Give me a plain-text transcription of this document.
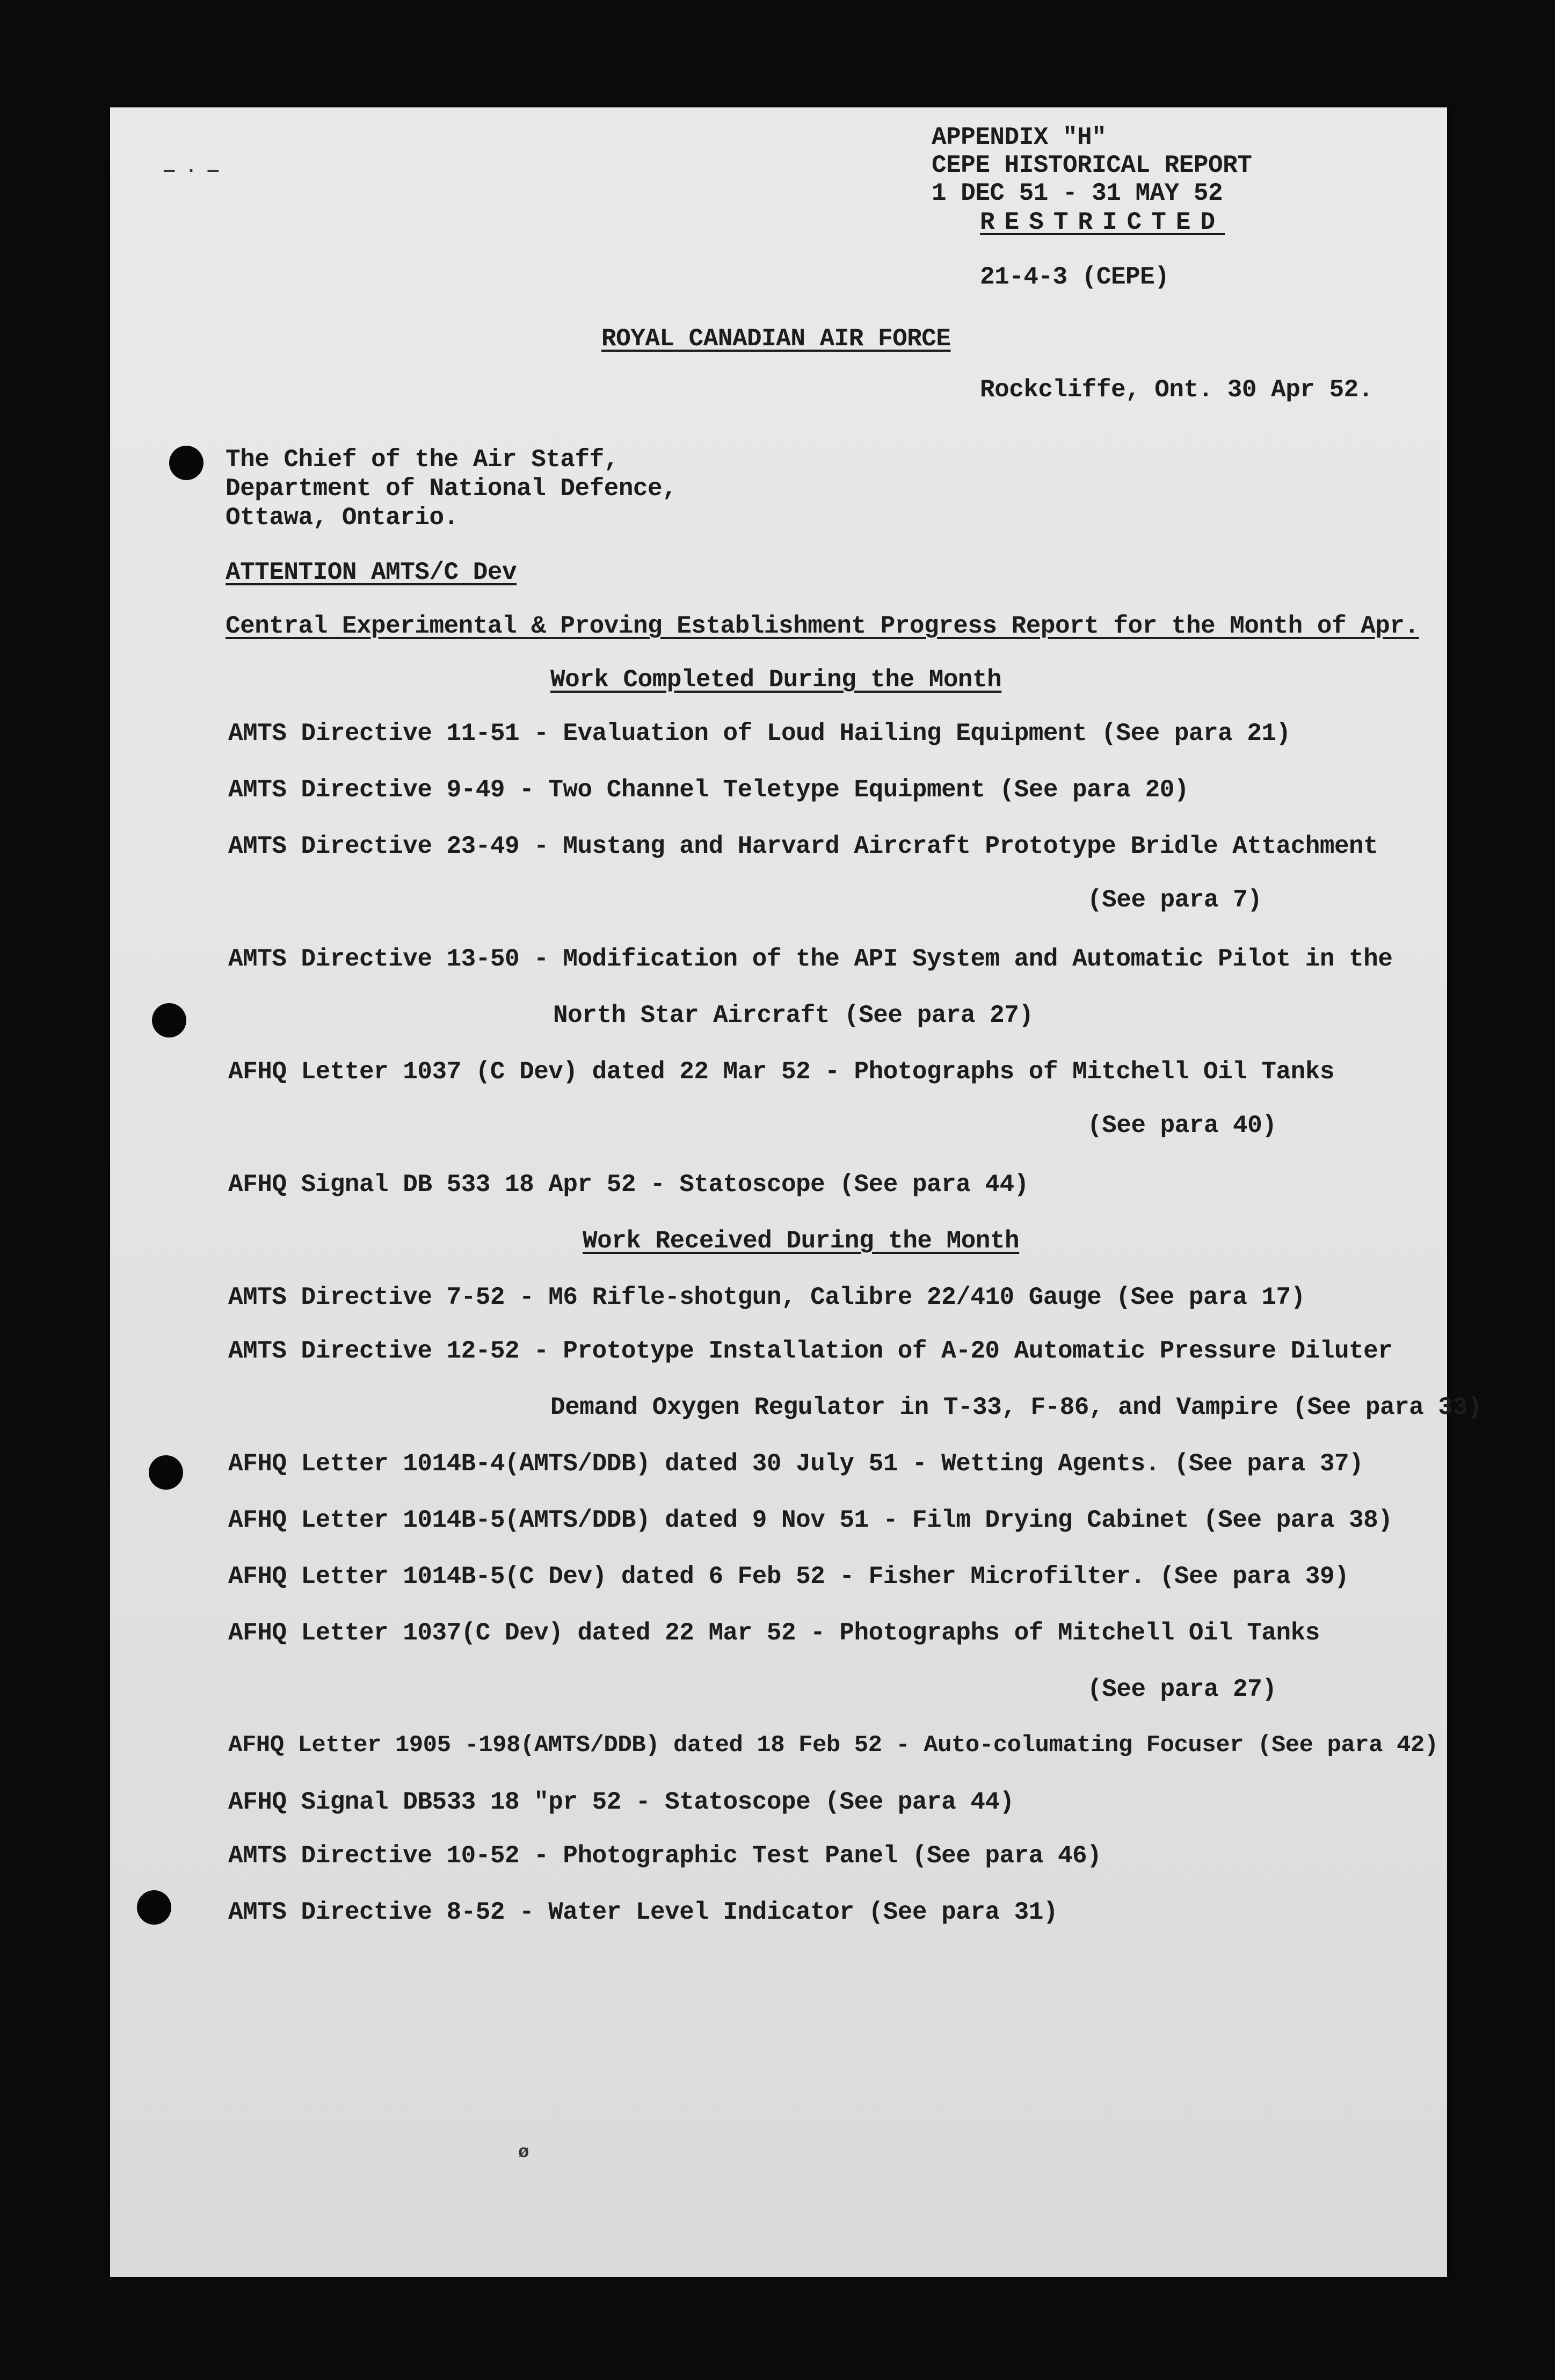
— · —
APPENDIX "H"
CEPE HISTORICAL REPORT
1 DEC 51 - 31 MAY 52
RESTRICTED
21-4-3 (CEPE)
ROYAL CANADIAN AIR FORCE
Rockcliffe, Ont. 30 Apr 52.
The Chief of the Air Staff,
Department of National Defence,
Ottawa, Ontario.
ATTENTION AMTS/C Dev
Central Experimental & Proving Establishment Progress Report for the Month of Apr.
Work Completed During the Month
AMTS Directive 11-51 - Evaluation of Loud Hailing Equipment (See para 21)
AMTS Directive 9-49 - Two Channel Teletype Equipment (See para 20)
AMTS Directive 23-49 - Mustang and Harvard Aircraft Prototype Bridle Attachment
(See para 7)
AMTS Directive 13-50 - Modification of the API System and Automatic Pilot in the
North Star Aircraft (See para 27)
AFHQ Letter 1037 (C Dev) dated 22 Mar 52 - Photographs of Mitchell Oil Tanks
(See para 40)
AFHQ Signal DB 533 18 Apr 52 - Statoscope (See para 44)
Work Received During the Month
AMTS Directive 7-52 - M6 Rifle-shotgun, Calibre 22/410 Gauge (See para 17)
AMTS Directive 12-52 - Prototype Installation of A-20 Automatic Pressure Diluter
Demand Oxygen Regulator in T-33, F-86, and Vampire (See para 33)
AFHQ Letter 1014B-4(AMTS/DDB) dated 30 July 51 - Wetting Agents. (See para 37)
AFHQ Letter 1014B-5(AMTS/DDB) dated 9 Nov 51 - Film Drying Cabinet (See para 38)
AFHQ Letter 1014B-5(C Dev) dated 6 Feb 52 - Fisher Microfilter. (See para 39)
AFHQ Letter 1037(C Dev) dated 22 Mar 52 - Photographs of Mitchell Oil Tanks
(See para 27)
AFHQ Letter 1905 -198(AMTS/DDB) dated 18 Feb 52 - Auto-columating Focuser (See para 42)
AFHQ Signal DB533 18 "pr 52 - Statoscope (See para 44)
AMTS Directive 10-52 - Photographic Test Panel (See para 46)
AMTS Directive 8-52 - Water Level Indicator (See para 31)
ø
